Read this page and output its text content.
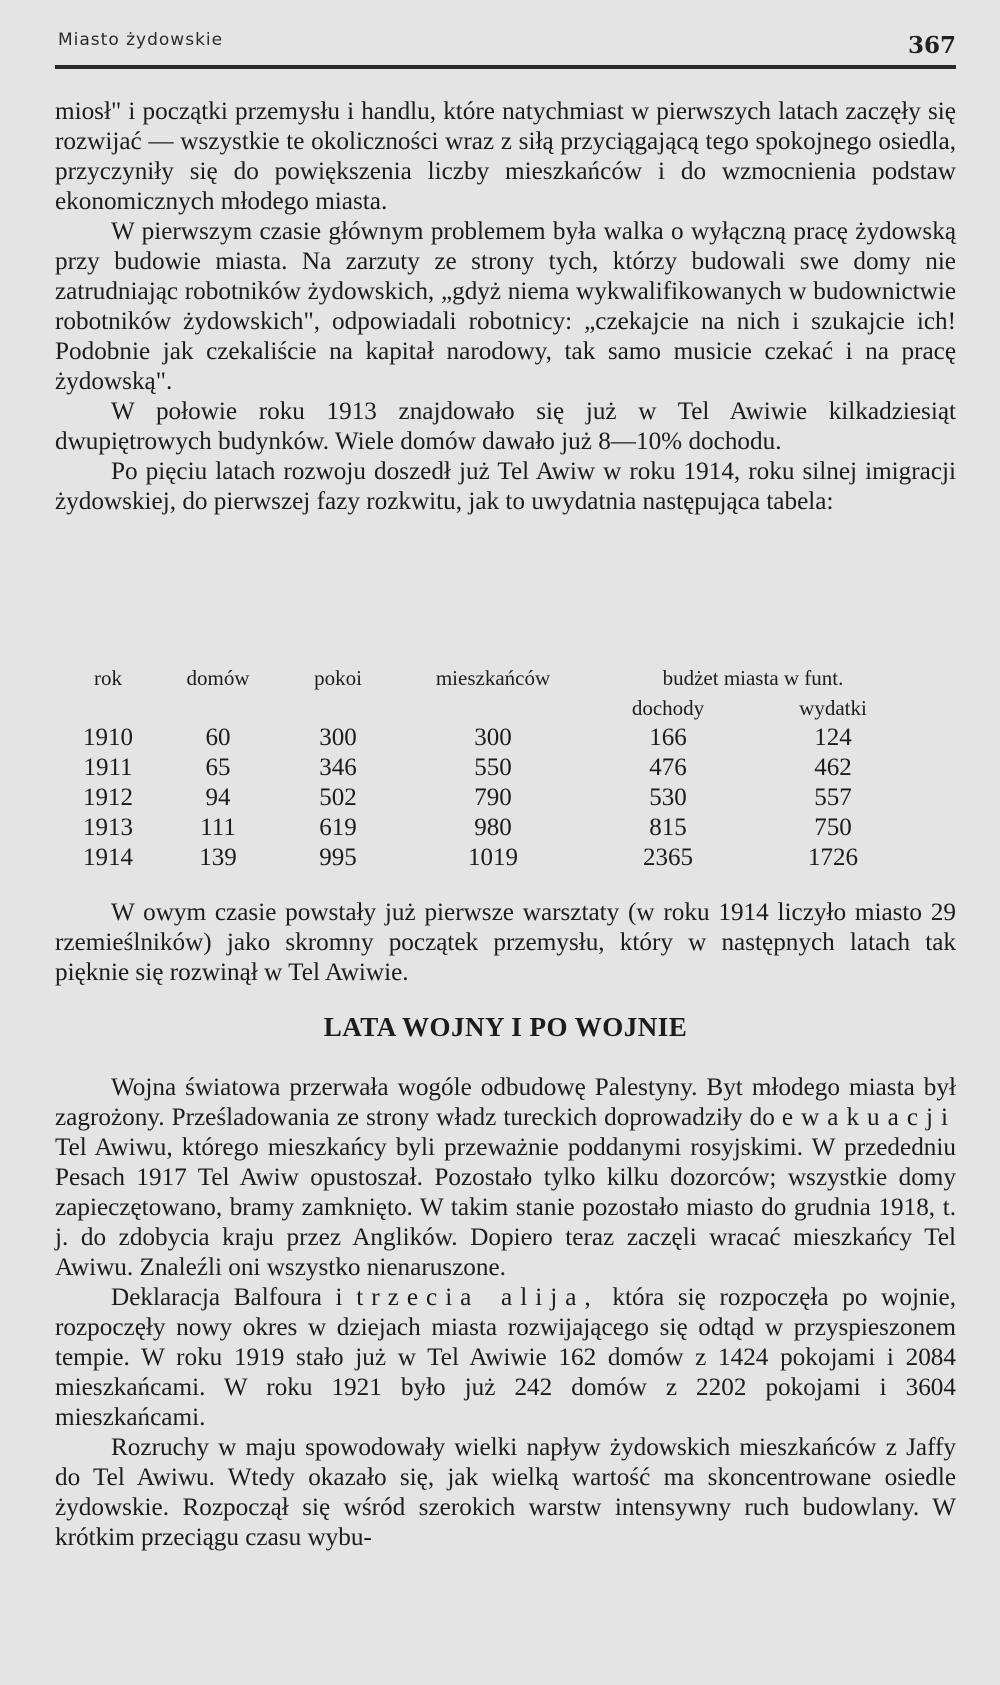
Miasto żydowskie	367

miosł" i początki przemysłu i handlu, które natychmiast w pierwszych latach zaczęły się rozwijać — wszystkie te okoliczności wraz z siłą przyciągającą tego spokojnego osiedla, przyczyniły się do powiększenia liczby mieszkańców i do wzmocnienia podstaw ekonomicznych młodego miasta.

W pierwszym czasie głównym problemem była walka o wyłączną pracę żydowską przy budowie miasta. Na zarzuty ze strony tych, którzy budowali swe domy nie zatrudniając robotników żydowskich, „gdyż niema wykwalifikowanych w budownictwie robotników żydowskich", odpowiadali robotnicy: „czekajcie na nich i szukajcie ich! Podobnie jak czekaliście na kapitał narodowy, tak samo musicie czekać i na pracę żydowską".

W połowie roku 1913 znajdowało się już w Tel Awiwie kilkadziesiąt dwupiętrowych budynków. Wiele domów dawało już 8—10% dochodu.

Po pięciu latach rozwoju doszedł już Tel Awiw w roku 1914, roku silnej imigracji żydowskiej, do pierwszej fazy rozkwitu, jak to uwydatnia następująca tabela:

rok	domów	pokoi	mieszkańców	budżet miasta w funt.	
				dochody	wydatki
1910	60	300	300	166	124
1911	65	346	550	476	462
1912	94	502	790	530	557
1913	111	619	980	815	750
1914	139	995	1019	2365	1726

W owym czasie powstały już pierwsze warsztaty (w roku 1914 liczyło miasto 29 rzemieślników) jako skromny początek przemysłu, który w następnych latach tak pięknie się rozwinął w Tel Awiwie.

LATA WOJNY I PO WOJNIE

Wojna światowa przerwała wogóle odbudowę Palestyny. Byt młodego miasta był zagrożony. Prześladowania ze strony władz tureckich doprowadziły do ewakuacji Tel Awiwu, którego mieszkańcy byli przeważnie poddanymi rosyjskimi. W przededniu Pesach 1917 Tel Awiw opustoszał. Pozostało tylko kilku dozorców; wszystkie domy zapieczętowano, bramy zamknięto. W takim stanie pozostało miasto do grudnia 1918, t. j. do zdobycia kraju przez Anglików. Dopiero teraz zaczęli wracać mieszkańcy Tel Awiwu. Znaleźli oni wszystko nienaruszone.

Deklaracja Balfoura i trzecia alija, która się rozpoczęła po wojnie, rozpoczęły nowy okres w dziejach miasta rozwijającego się odtąd w przyspieszonem tempie. W roku 1919 stało już w Tel Awiwie 162 domów z 1424 pokojami i 2084 mieszkańcami. W roku 1921 było już 242 domów z 2202 pokojami i 3604 mieszkańcami.

Rozruchy w maju spowodowały wielki napływ żydowskich mieszkańców z Jaffy do Tel Awiwu. Wtedy okazało się, jak wielką wartość ma skoncentrowane osiedle żydowskie. Rozpoczął się wśród szerokich warstw intensywny ruch budowlany. W krótkim przeciągu czasu wybu-
